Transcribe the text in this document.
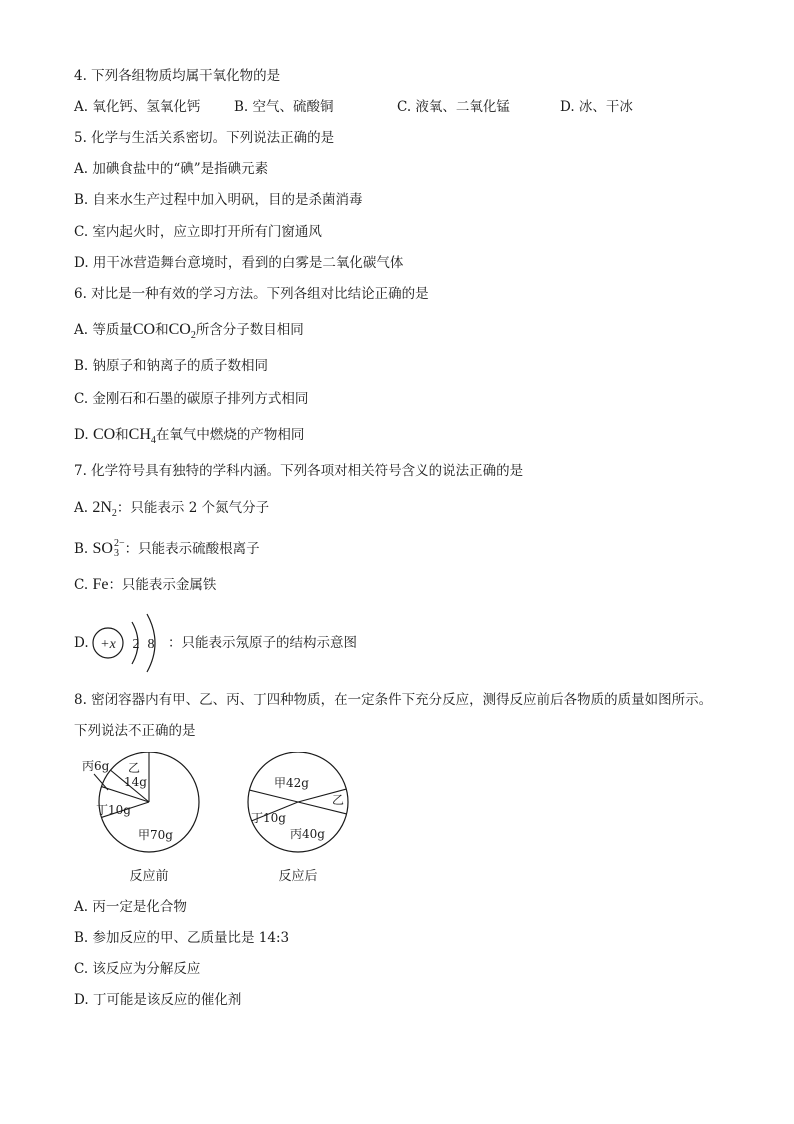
4. 下列各组物质均属干氧化物的是
A. 氧化钙、氢氧化钙 B. 空气、硫酸铜	C. 液氧、二氧化锰	D. 冰、干冰
5. 化学与生活关系密切。下列说法正确的是
A. 加碘食盐中的“碘”是指碘元素
B. 自来水生产过程中加入明矾，目的是杀菌消毒
C. 室内起火时，应立即打开所有门窗通风
D. 用干冰营造舞台意境时，看到的白雾是二氧化碳气体
6. 对比是一种有效的学习方法。下列各组对比结论正确的是
A. 等质量CO和$CO_2$所含分子数目相同
B. 钠原子和钠离子的质子数相同
C. 金刚石和石墨的碳原子排列方式相同
D. CO和$CH_4$在氧气中燃烧的产物相同
7. 化学符号具有独特的学科内涵。下列各项对相关符号含义的说法正确的是
A. $2N_2$：只能表示 2 个氮气分子
B. SO 2−
3 ：只能表示硫酸根离子
C. Fe：只能表示金属铁
D. +x 2 8 ：只能表示氖原子的结构示意图
8. 密闭容器内有甲、乙、丙、丁四种物质，在一定条件下充分反应，测得反应前后各物质的质量如图所示。
下列说法不正确的是
丙6g 乙
14g
丁10g
甲70g
反应前
甲42g
乙
丁10g
丙40g
反应后
A. 丙一定是化合物
B. 参加反应的甲、乙质量比是 14:3
C. 该反应为分解反应
D. 丁可能是该反应的催化剂
